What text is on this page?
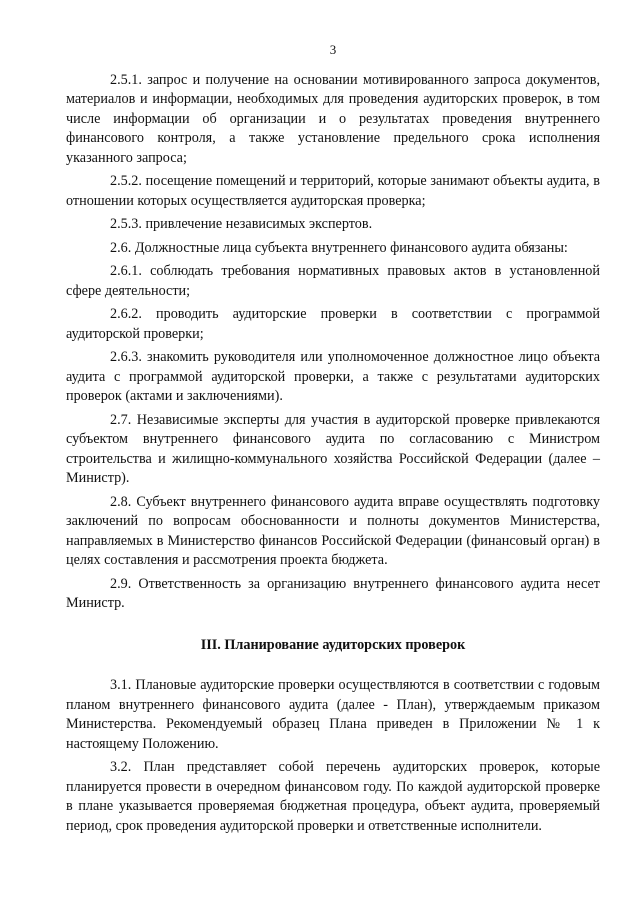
3

2.5.1. запрос и получение на основании мотивированного запроса документов, материалов и информации, необходимых для проведения аудиторских проверок, в том числе информации об организации и о результатах проведения внутреннего финансового контроля, а также установление предельного срока исполнения указанного запроса;

2.5.2. посещение помещений и территорий, которые занимают объекты аудита, в отношении которых осуществляется аудиторская проверка;

2.5.3. привлечение независимых экспертов.

2.6. Должностные лица субъекта внутреннего финансового аудита обязаны:

2.6.1. соблюдать требования нормативных правовых актов в установленной сфере деятельности;

2.6.2. проводить аудиторские проверки в соответствии с программой аудиторской проверки;

2.6.3. знакомить руководителя или уполномоченное должностное лицо объекта аудита с программой аудиторской проверки, а также с результатами аудиторских проверок (актами и заключениями).

2.7. Независимые эксперты для участия в аудиторской проверке привлекаются субъектом внутреннего финансового аудита по согласованию с Министром строительства и жилищно-коммунального хозяйства Российской Федерации (далее – Министр).

2.8. Субъект внутреннего финансового аудита вправе осуществлять подготовку заключений по вопросам обоснованности и полноты документов Министерства, направляемых в Министерство финансов Российской Федерации (финансовый орган) в целях составления и рассмотрения проекта бюджета.

2.9. Ответственность за организацию внутреннего финансового аудита несет Министр.

III. Планирование аудиторских проверок

3.1. Плановые аудиторские проверки осуществляются в соответствии с годовым планом внутреннего финансового аудита (далее - План), утверждаемым приказом Министерства. Рекомендуемый образец Плана приведен в Приложении № 1 к настоящему Положению.

3.2. План представляет собой перечень аудиторских проверок, которые планируется провести в очередном финансовом году. По каждой аудиторской проверке в плане указывается проверяемая бюджетная процедура, объект аудита, проверяемый период, срок проведения аудиторской проверки и ответственные исполнители.
